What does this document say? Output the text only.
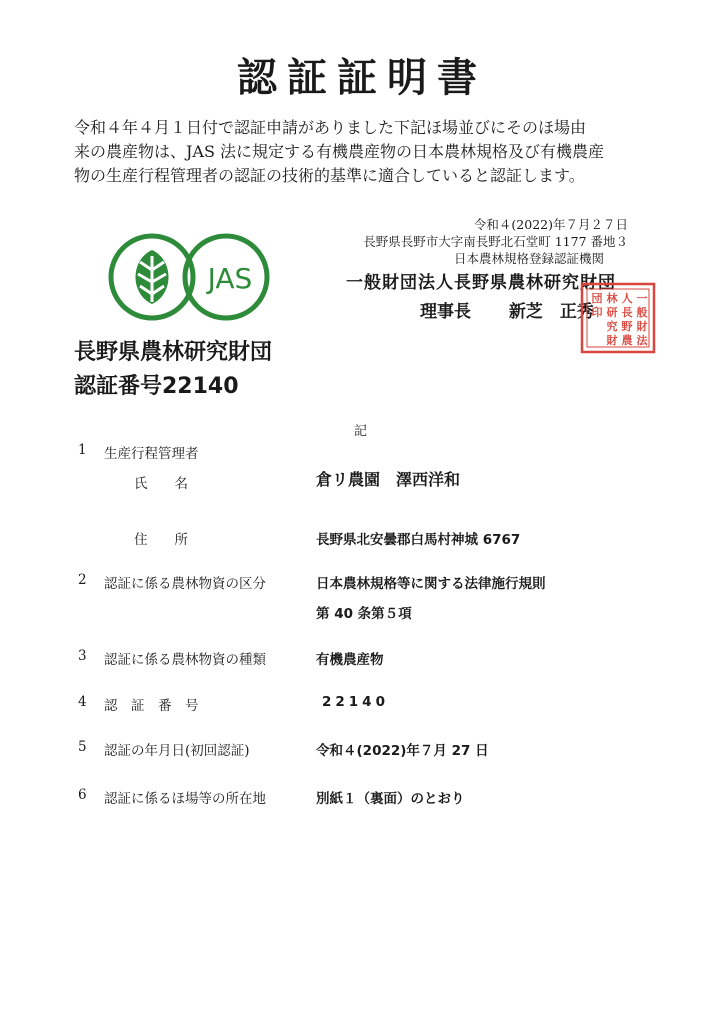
認証証明書
令和４年４月１日付で認証申請がありました下記ほ場並びにそのほ場由
来の農産物は、JAS 法に規定する有機農産物の日本農林規格及び有機農産
物の生産行程管理者の認証の技術的基準に適合していると認証します。
令和４(2022)年７月２７日
長野県長野市大字南長野北石堂町 1177 番地３
日本農林規格登録認証機関
一般財団法人長野県農林研究財団
理事長 新芝　正秀
一
般
財
法
人
長
野
農
林
研
究
財
団
印
JAS
長野県農林研究財団
認証番号22140
記
1 生産行程管理者
氏　　名	倉リ農園　澤西洋和
住　　所	長野県北安曇郡白馬村神城 6767
2 認証に係る農林物資の区分	日本農林規格等に関する法律施行規則
第 40 条第５項
3 認証に係る農林物資の種類	有機農産物
4 認　証　番　号	22140
5 認証の年月日(初回認証)	令和４(2022)年７月 27 日
6 認証に係るほ場等の所在地	別紙１（裏面）のとおり
